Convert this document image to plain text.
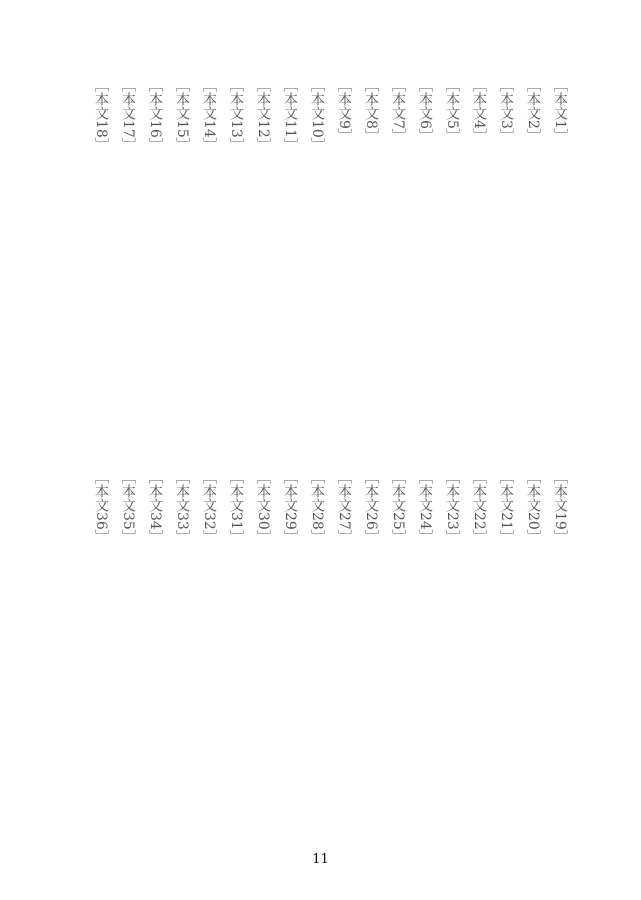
［本文1］
［本文2］
［本文3］
［本文4］
［本文5］
［本文6］
［本文7］
［本文8］
［本文9］
［本文10］
［本文11］
［本文12］
［本文13］
［本文14］
［本文15］
［本文16］
［本文17］
［本文18］
［本文19］
［本文20］
［本文21］
［本文22］
［本文23］
［本文24］
［本文25］
［本文26］
［本文27］
［本文28］
［本文29］
［本文30］
［本文31］
［本文32］
［本文33］
［本文34］
［本文35］
［本文36］
11
